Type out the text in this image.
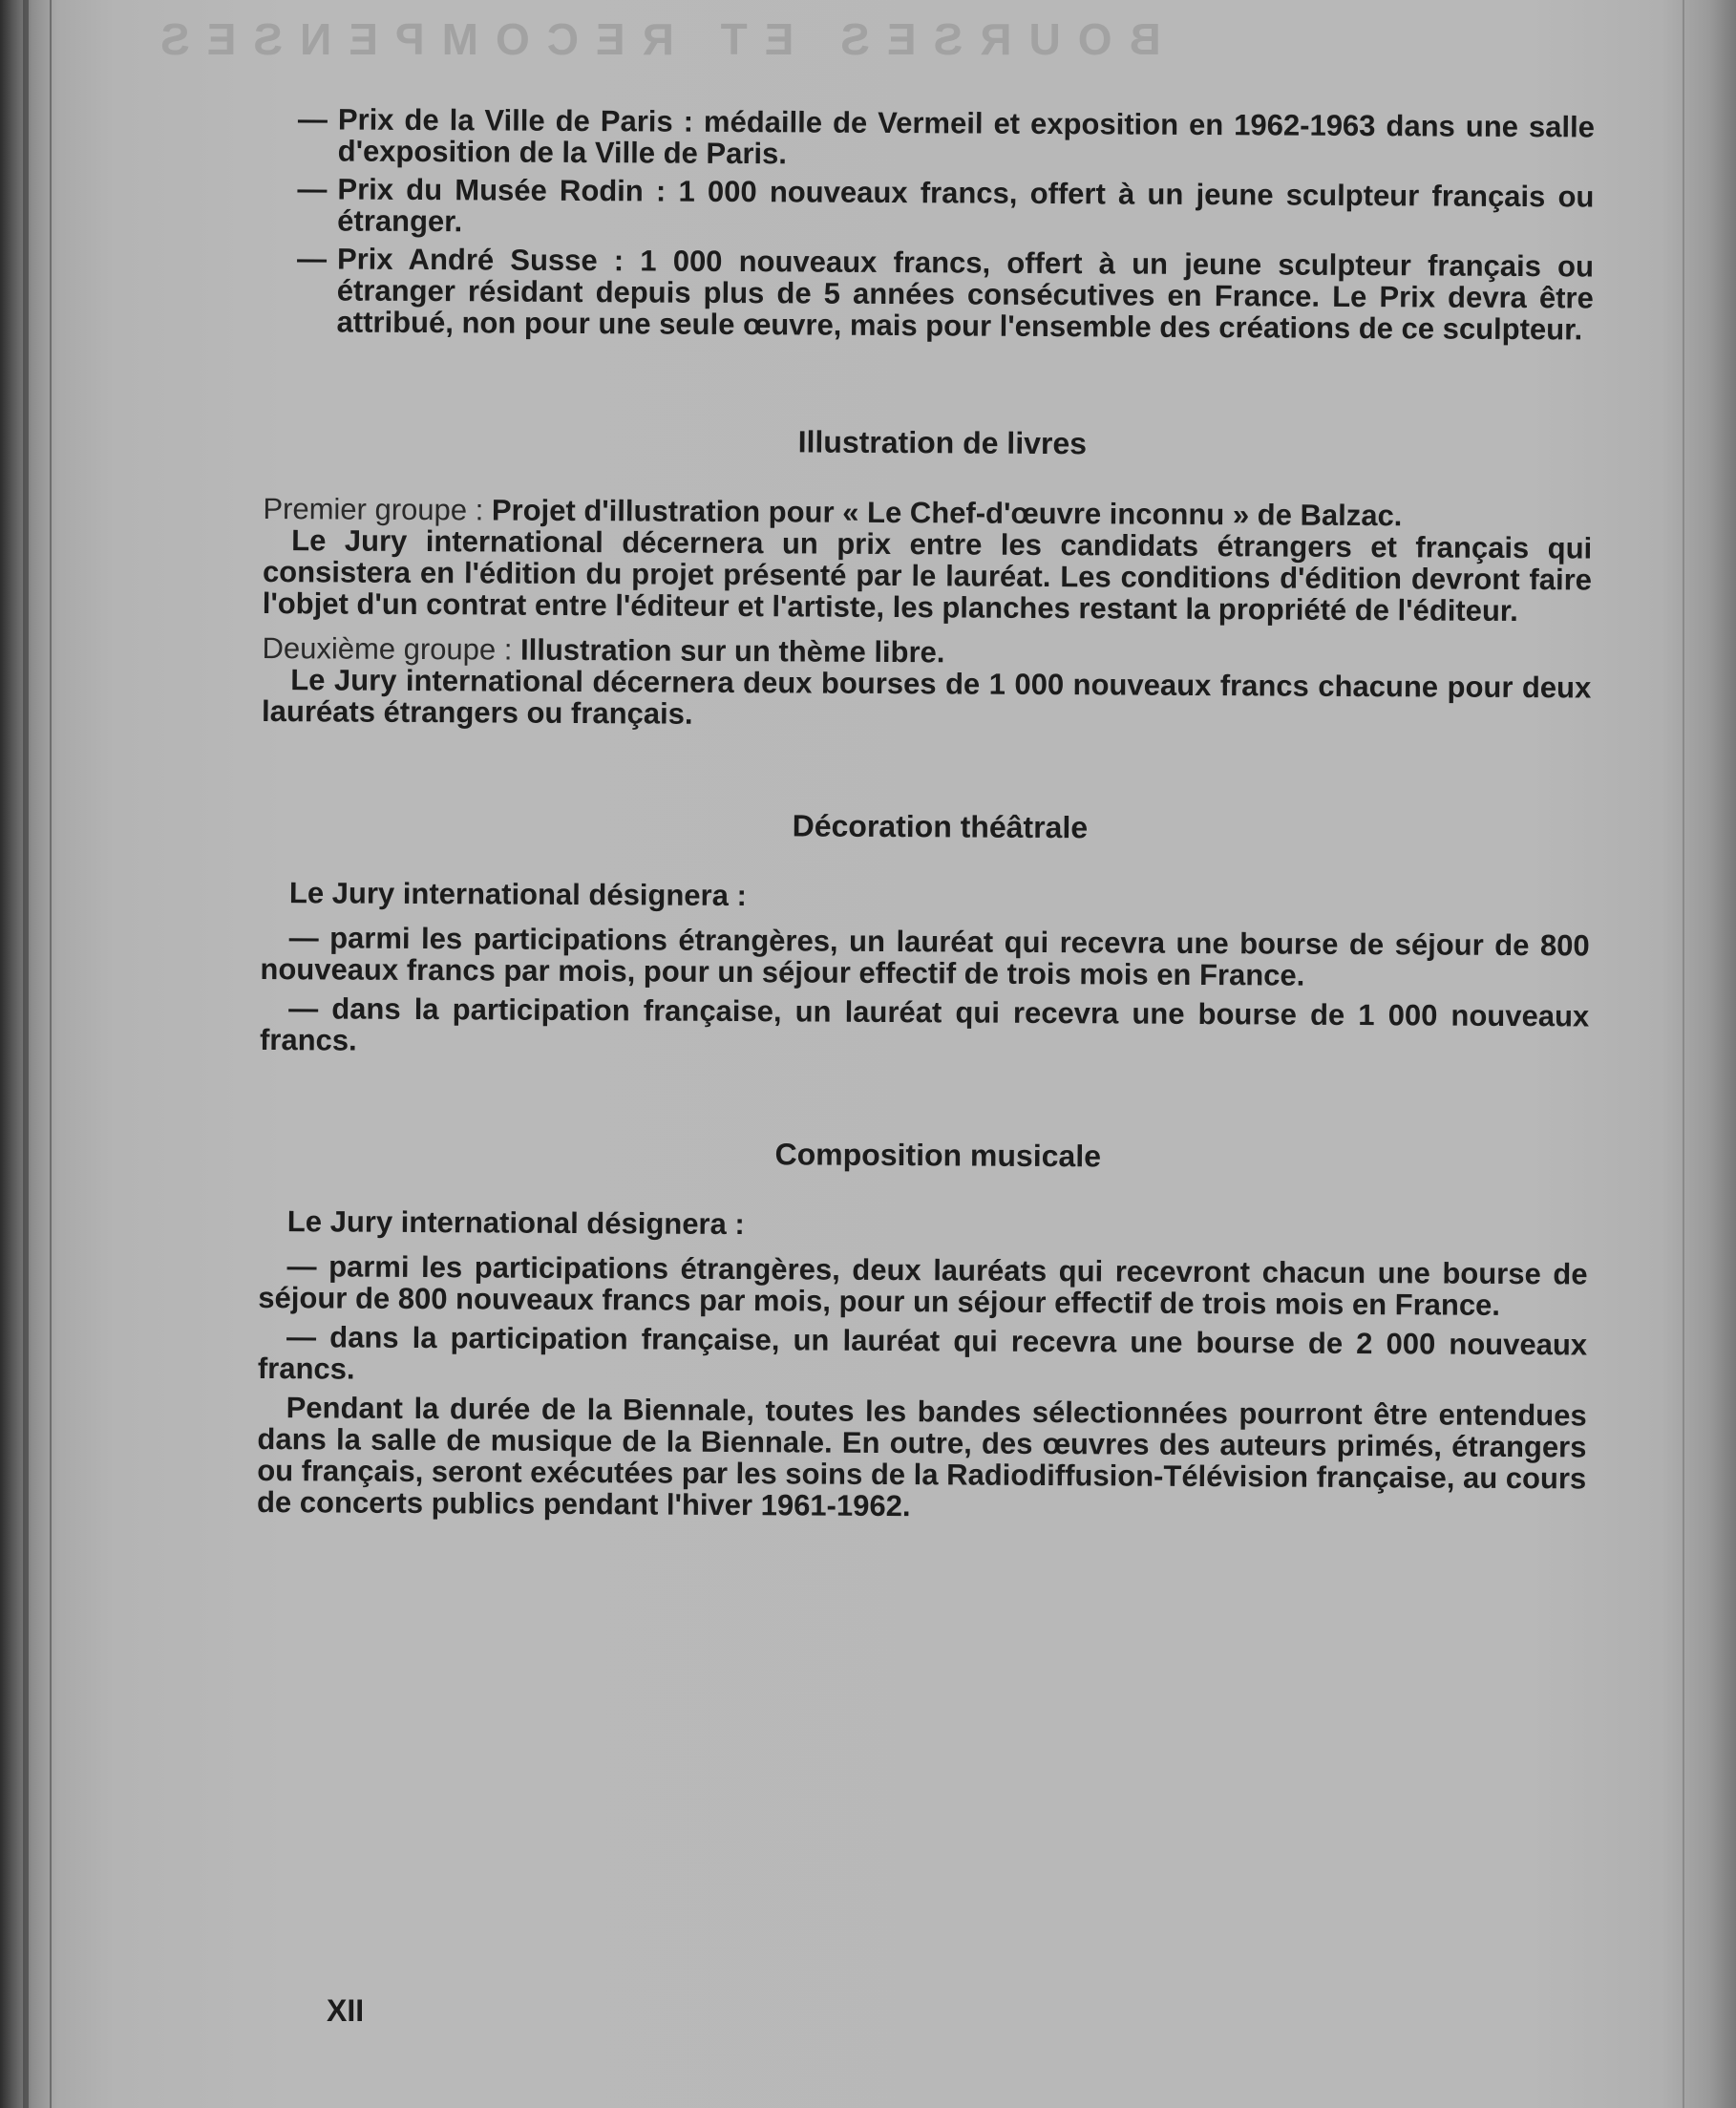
BOURSES ET RECOMPENSES
— Prix de la Ville de Paris : médaille de Vermeil et exposition en 1962-1963 dans une salle d'exposition de la Ville de Paris.
— Prix du Musée Rodin : 1 000 nouveaux francs, offert à un jeune sculpteur français ou étranger.
— Prix André Susse : 1 000 nouveaux francs, offert à un jeune sculpteur français ou étranger résidant depuis plus de 5 années consécutives en France. Le Prix devra être attribué, non pour une seule œuvre, mais pour l'ensemble des créations de ce sculpteur.
Illustration de livres
Premier groupe : Projet d'illustration pour « Le Chef-d'œuvre inconnu » de Balzac.
Le Jury international décernera un prix entre les candidats étrangers et français qui consistera en l'édition du projet présenté par le lauréat. Les conditions d'édition devront faire l'objet d'un contrat entre l'éditeur et l'artiste, les planches restant la propriété de l'éditeur.
Deuxième groupe : Illustration sur un thème libre.
Le Jury international décernera deux bourses de 1 000 nouveaux francs chacune pour deux lauréats étrangers ou français.
Décoration théâtrale
Le Jury international désignera :
— parmi les participations étrangères, un lauréat qui recevra une bourse de séjour de 800 nouveaux francs par mois, pour un séjour effectif de trois mois en France.
— dans la participation française, un lauréat qui recevra une bourse de 1 000 nouveaux francs.
Composition musicale
Le Jury international désignera :
— parmi les participations étrangères, deux lauréats qui recevront chacun une bourse de séjour de 800 nouveaux francs par mois, pour un séjour effectif de trois mois en France.
— dans la participation française, un lauréat qui recevra une bourse de 2 000 nouveaux francs.
Pendant la durée de la Biennale, toutes les bandes sélectionnées pourront être entendues dans la salle de musique de la Biennale. En outre, des œuvres des auteurs primés, étrangers ou français, seront exécutées par les soins de la Radiodiffusion-Télévision française, au cours de concerts publics pendant l'hiver 1961-1962.
XII
